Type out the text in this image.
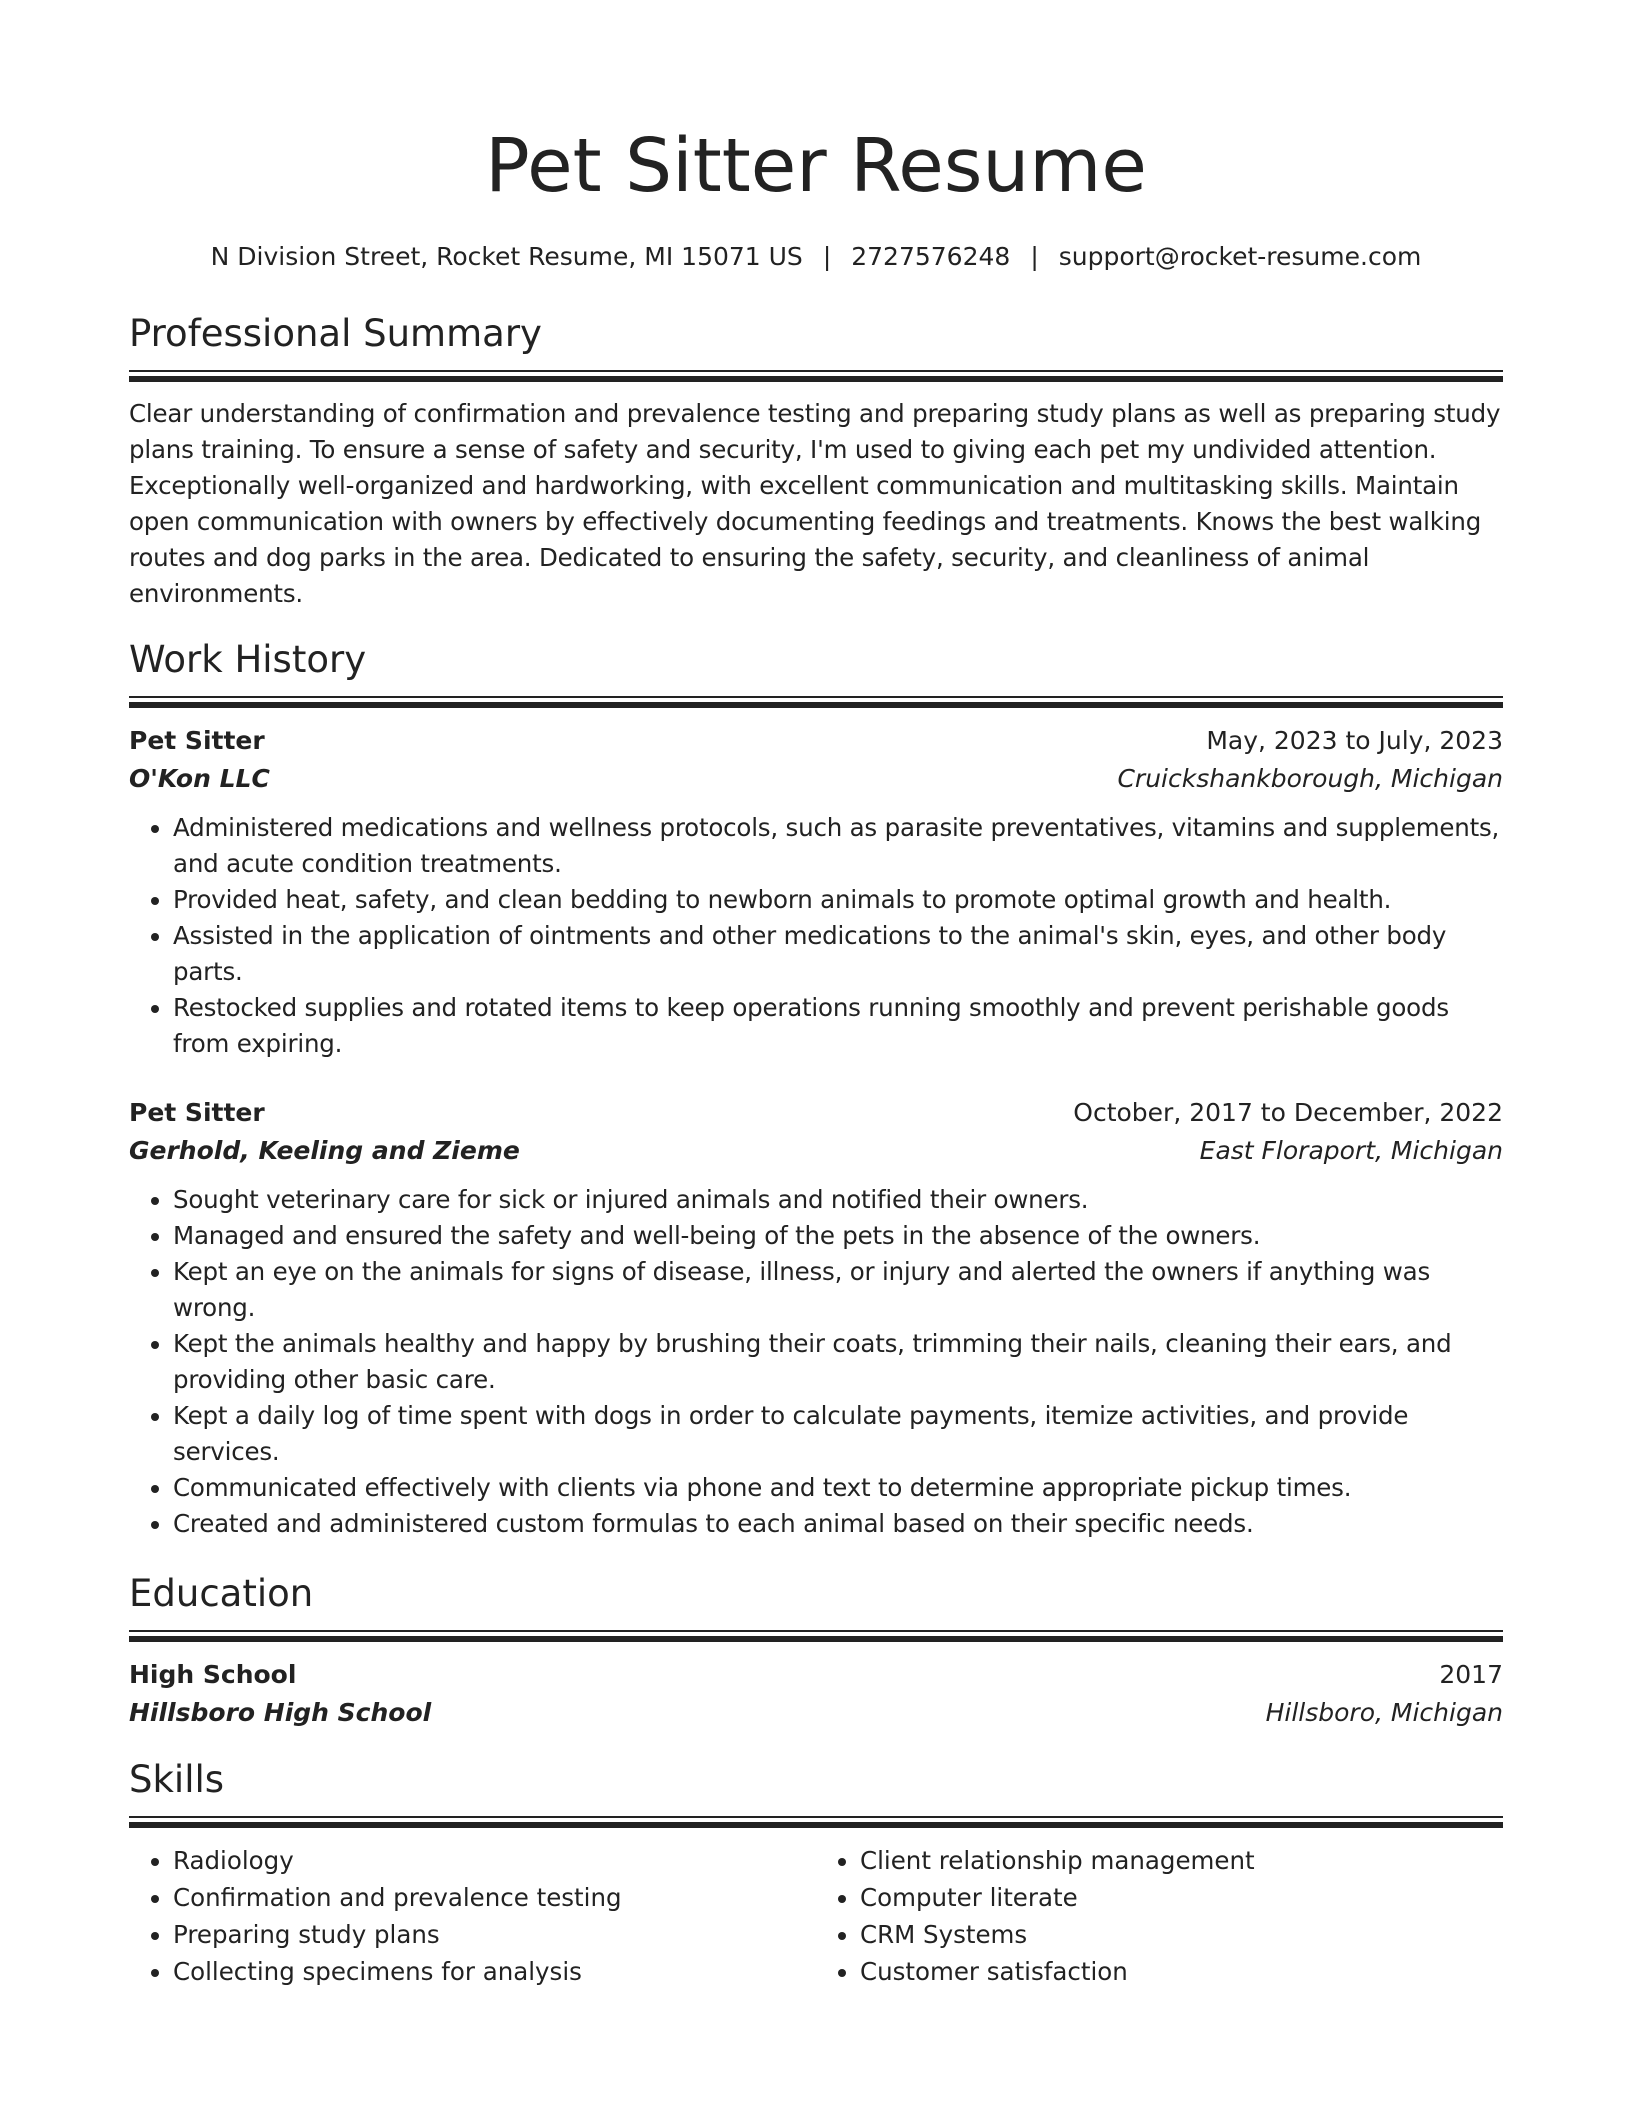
Pet Sitter Resume
N Division Street, Rocket Resume, MI 15071 US | 2727576248 | support@rocket-resume.com
Professional Summary
Clear understanding of confirmation and prevalence testing and preparing study plans as well as preparing study plans training. To ensure a sense of safety and security, I'm used to giving each pet my undivided attention. Exceptionally well-organized and hardworking, with excellent communication and multitasking skills. Maintain open communication with owners by effectively documenting feedings and treatments. Knows the best walking routes and dog parks in the area. Dedicated to ensuring the safety, security, and cleanliness of animal environments.
Work History
Pet Sitter	May, 2023 to July, 2023
O'Kon LLC	Cruickshankborough, Michigan
• Administered medications and wellness protocols, such as parasite preventatives, vitamins and supplements, and acute condition treatments.
• Provided heat, safety, and clean bedding to newborn animals to promote optimal growth and health.
• Assisted in the application of ointments and other medications to the animal's skin, eyes, and other body parts.
• Restocked supplies and rotated items to keep operations running smoothly and prevent perishable goods from expiring.
Pet Sitter	October, 2017 to December, 2022
Gerhold, Keeling and Zieme	East Floraport, Michigan
• Sought veterinary care for sick or injured animals and notified their owners.
• Managed and ensured the safety and well-being of the pets in the absence of the owners.
• Kept an eye on the animals for signs of disease, illness, or injury and alerted the owners if anything was wrong.
• Kept the animals healthy and happy by brushing their coats, trimming their nails, cleaning their ears, and providing other basic care.
• Kept a daily log of time spent with dogs in order to calculate payments, itemize activities, and provide services.
• Communicated effectively with clients via phone and text to determine appropriate pickup times.
• Created and administered custom formulas to each animal based on their specific needs.
Education
High School	2017
Hillsboro High School	Hillsboro, Michigan
Skills
• Radiology
• Confirmation and prevalence testing
• Preparing study plans
• Collecting specimens for analysis
• Client relationship management
• Computer literate
• CRM Systems
• Customer satisfaction
